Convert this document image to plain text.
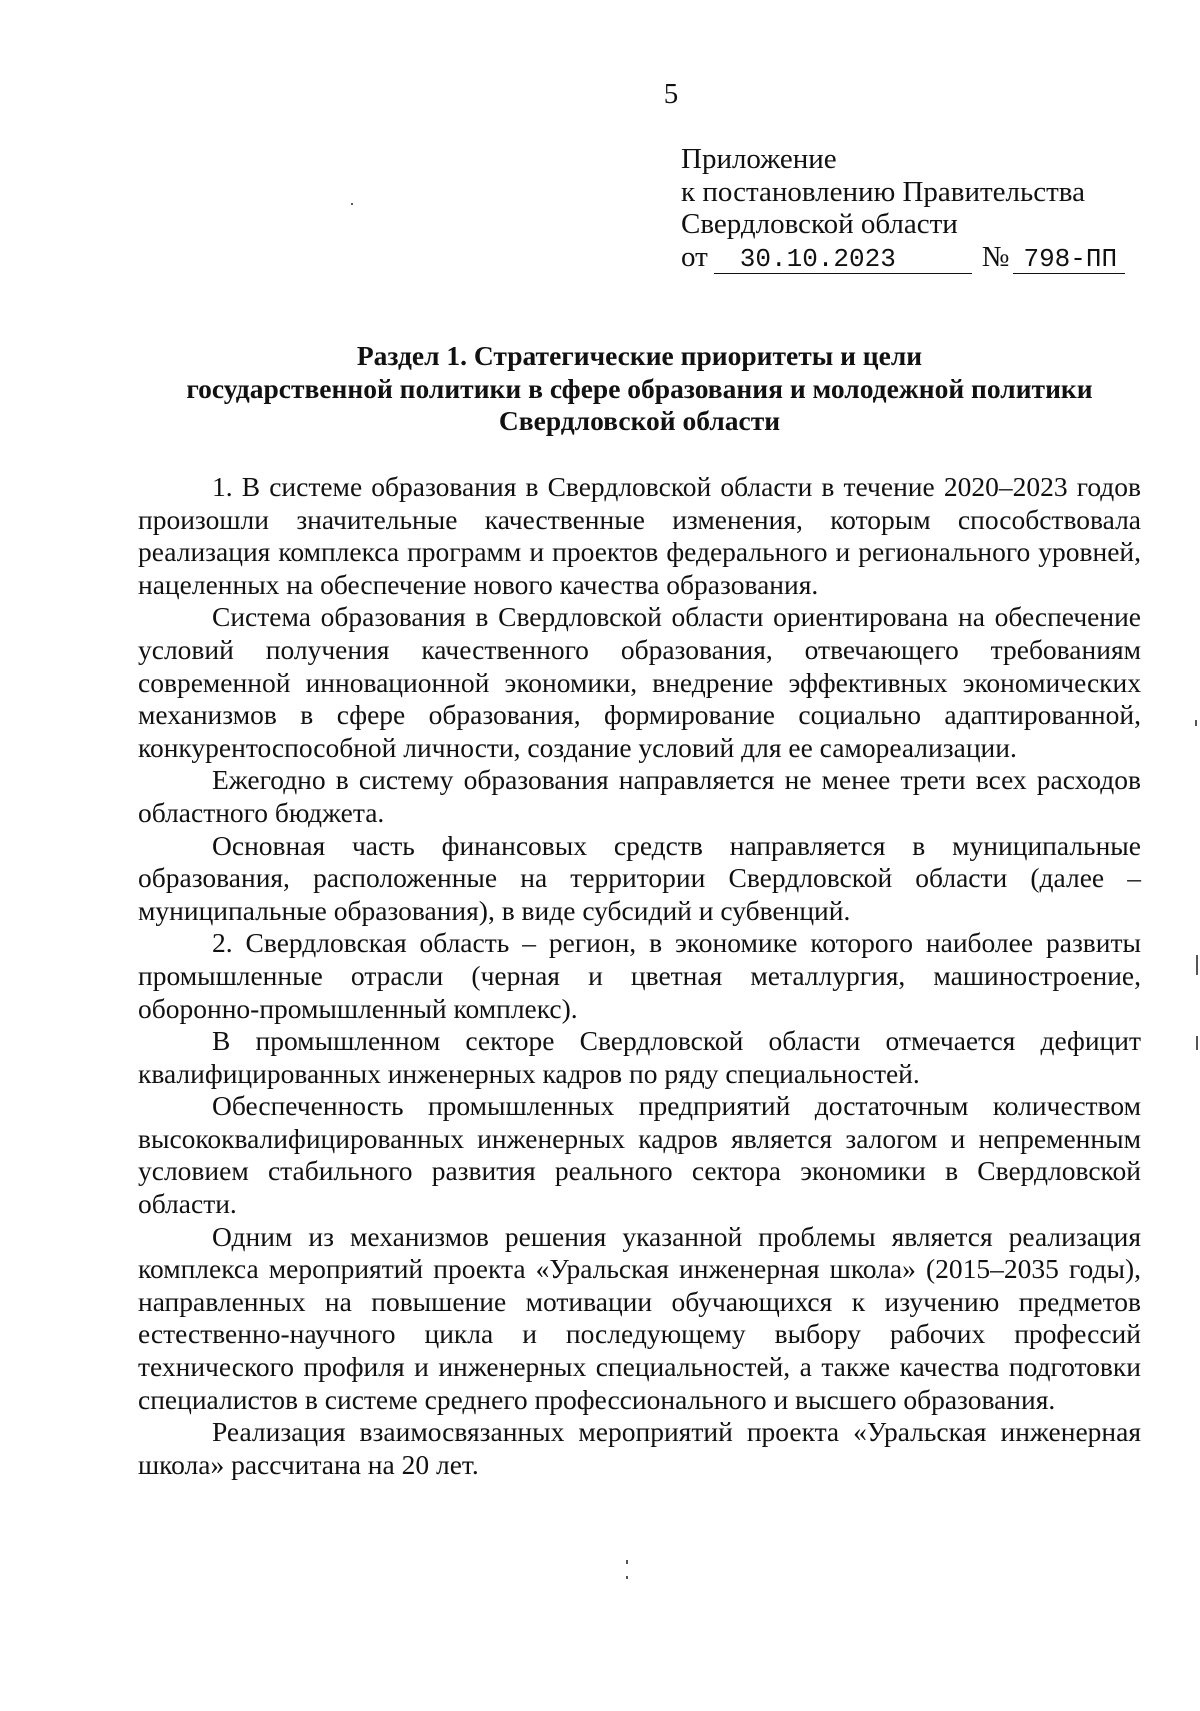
5
Приложение
к постановлению Правительства
Свердловской области
от 30.10.2023	№ 798-ПП
Раздел 1. Стратегические приоритеты и цели
государственной политики в сфере образования и молодежной политики
Свердловской области

1. В системе образования в Свердловской области в течение 2020–2023 годов произошли значительные качественные изменения, которым способствовала реализация комплекса программ и проектов федерального и регионального уровней, нацеленных на обеспечение нового качества образования.

Система образования в Свердловской области ориентирована на обеспечение условий получения качественного образования, отвечающего требованиям современной инновационной экономики, внедрение эффективных экономических механизмов в сфере образования, формирование социально адаптированной, конкурентоспособной личности, создание условий для ее самореализации.

Ежегодно в систему образования направляется не менее трети всех расходов областного бюджета.

Основная часть финансовых средств направляется в муниципальные образования, расположенные на территории Свердловской области (далее – муниципальные образования), в виде субсидий и субвенций.

2. Свердловская область – регион, в экономике которого наиболее развиты промышленные отрасли (черная и цветная металлургия, машиностроение, оборонно-промышленный комплекс).

В промышленном секторе Свердловской области отмечается дефицит квалифицированных инженерных кадров по ряду специальностей.

Обеспеченность промышленных предприятий достаточным количеством высококвалифицированных инженерных кадров является залогом и непременным условием стабильного развития реального сектора экономики в Свердловской области.

Одним из механизмов решения указанной проблемы является реализация комплекса мероприятий проекта «Уральская инженерная школа» (2015–2035 годы), направленных на повышение мотивации обучающихся к изучению предметов естественно-научного цикла и последующему выбору рабочих профессий технического профиля и инженерных специальностей, а также качества подготовки специалистов в системе среднего профессионального и высшего образования.

Реализация взаимосвязанных мероприятий проекта «Уральская инженерная школа» рассчитана на 20 лет.
